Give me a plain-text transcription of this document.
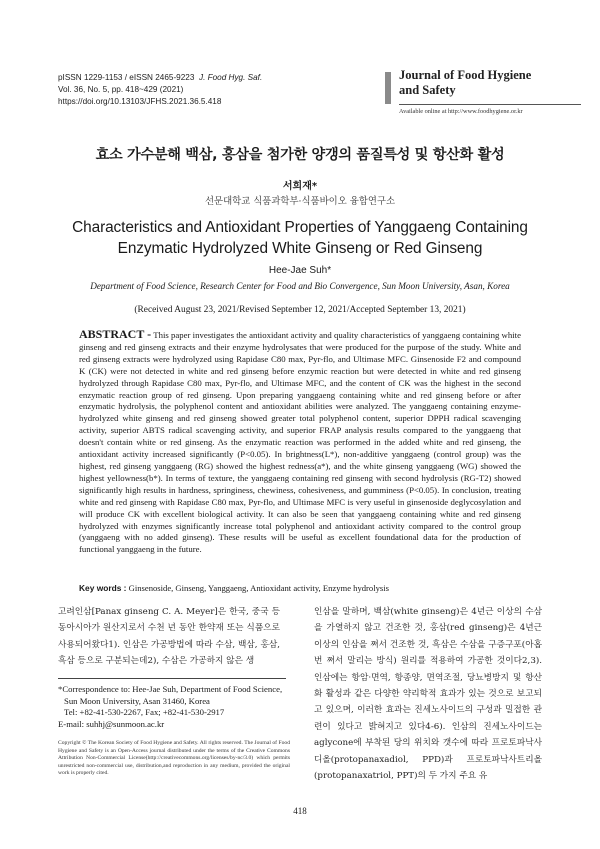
pISSN 1229-1153 / eISSN 2465-9223 J. Food Hyg. Saf.
Vol. 36, No. 5, pp. 418~429 (2021)
https://doi.org/10.13103/JFHS.2021.36.5.418
Journal of Food Hygiene
and Safety
Available online at http://www.foodhygiene.or.kr
효소 가수분해 백삼, 홍삼을 첨가한 양갱의 품질특성 및 항산화 활성
서희재*
선문대학교 식품과학부·식품바이오 융합연구소
Characteristics and Antioxidant Properties of Yanggaeng Containing
Enzymatic Hydrolyzed White Ginseng or Red Ginseng
Hee-Jae Suh*
Department of Food Science, Research Center for Food and Bio Convergence, Sun Moon University, Asan, Korea
(Received August 23, 2021/Revised September 12, 2021/Accepted September 13, 2021)
ABSTRACT - This paper investigates the antioxidant activity and quality characteristics of yanggaeng containing white ginseng and red ginseng extracts and their enzyme hydrolysates that were produced for the purpose of the study. White and red ginseng extracts were hydrolyzed using Rapidase C80 max, Pyr-flo, and Ultimase MFC. Ginsenoside F2 and compound K (CK) were not detected in white and red ginseng before enzymic reaction but were detected in white and red ginseng hydrolyzed through Rapidase C80 max, Pyr-flo, and Ultimase MFC, and the content of CK was the highest in the second enzymatic reaction group of red ginseng. Upon preparing yanggaeng containing white and red ginseng before or after enzymatic hydrolysis, the polyphenol content and antioxidant abilities were analyzed. The yanggaeng containing enzyme-hydrolyzed white ginseng and red ginseng showed greater total polyphenol content, superior DPPH radical scavenging activity, superior ABTS radical scavenging activity, and superior FRAP analysis results compared to the yanggaeng that doesn't contain white or red ginseng. As the enzymatic reaction was performed in the added white and red ginseng, the antioxidant activity increased significantly (P<0.05). In brightness(L*), non-additive yanggaeng (control group) was the highest, red ginseng yanggaeng (RG) showed the highest redness(a*), and the white ginseng yanggaeng (WG) showed the highest yellowness(b*). In terms of texture, the yanggaeng containing red ginseng with second hydrolysis (RG-T2) showed significantly high results in hardness, springiness, chewiness, cohesiveness, and gumminess (P<0.05). In conclusion, treating white and red ginseng with Rapidase C80 max, Pyr-flo, and Ultimase MFC is very useful in ginsenoside deglycosylation and will produce CK with excellent biological activity. It can also be seen that yanggaeng containing white and red ginseng hydrolyzed with enzymes significantly increase total polyphenol and antioxidant activity compared to the control group (yanggaeng with no added ginseng). These results will be useful as excellent foundational data for the production of functional yanggaeng in the future.
Key words : Ginsenoside, Ginseng, Yanggaeng, Antioxidant activity, Enzyme hydrolysis
고려인삼[Panax ginseng C. A. Meyer]은 한국, 중국 등 동아시아가 원산지로서 수천 년 동안 한약재 또는 식품으로 사용되어왔다1). 인삼은 가공방법에 따라 수삼, 백삼, 홍삼, 흑삼 등으로 구분되는데2), 수삼은 가공하지 않은 생
인삼을 말하며, 백삼(white ginseng)은 4년근 이상의 수삼을 가열하지 않고 건조한 것, 홍삼(red ginseng)은 4년근 이상의 인삼을 쪄서 건조한 것, 흑삼은 수삼을 구증구포(아홉번 쪄서 말리는 방식) 원리를 적용하여 가공한 것이다2,3). 인삼에는 항암·면역, 항종양, 면역조절, 당뇨병방지 및 항산화 활성과 같은 다양한 약리학적 효과가 있는 것으로 보고되고 있으며, 이러한 효과는 진세노사이드의 구성과 밀접한 관련이 있다고 밝혀지고 있다4-6). 인삼의 진세노사이드는 aglycone에 부착된 당의 위치와 갯수에 따라 프로토파낙사디올(protopanaxadiol, PPD)과 프로토파낙사트리올(protopanaxatriol, PPT)의 두 가지 주요 유
*Correspondence to: Hee-Jae Suh, Department of Food Science,
Sun Moon University, Asan 31460, Korea
Tel: +82-41-530-2267, Fax; +82-41-530-2917
E-mail: suhhj@sunmoon.ac.kr
Copyright © The Korean Society of Food Hygiene and Safety. All rights reserved. The Journal of Food Hygiene and Safety is an Open-Access journal distributed under the terms of the Creative Commons Attribution Non-Commercial License(http://creativecommons.org/licenses/by-nc/3.0) which permits unrestricted non-commercial use, distribution,and reproduction in any medium, provided the original work is properly cited.
418
